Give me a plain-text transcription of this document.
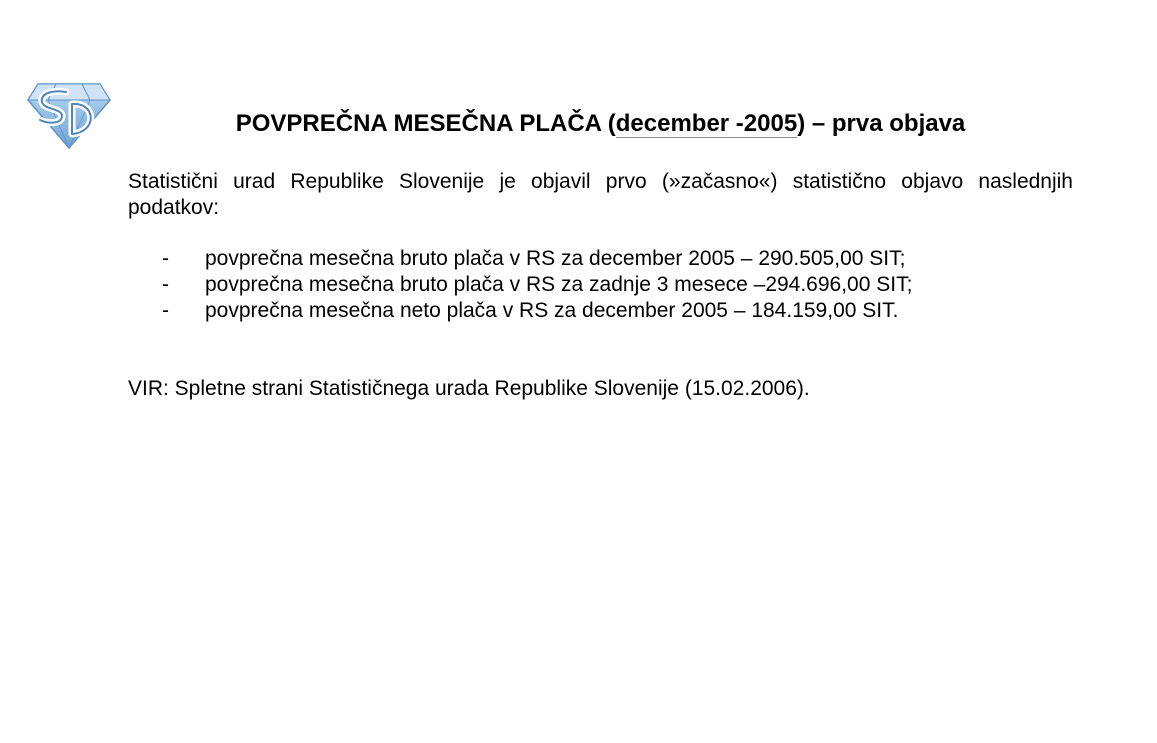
POVPREČNA MESEČNA PLAČA (december -2005) – prva objava
Statistični urad Republike Slovenije je objavil prvo (»začasno«) statistično objavo naslednjih podatkov:
- povprečna mesečna bruto plača v RS za december 2005 – 290.505,00 SIT;
- povprečna mesečna bruto plača v RS za zadnje 3 mesece –294.696,00 SIT;
- povprečna mesečna neto plača v RS za december 2005 – 184.159,00 SIT.
VIR: Spletne strani Statističnega urada Republike Slovenije (15.02.2006).
